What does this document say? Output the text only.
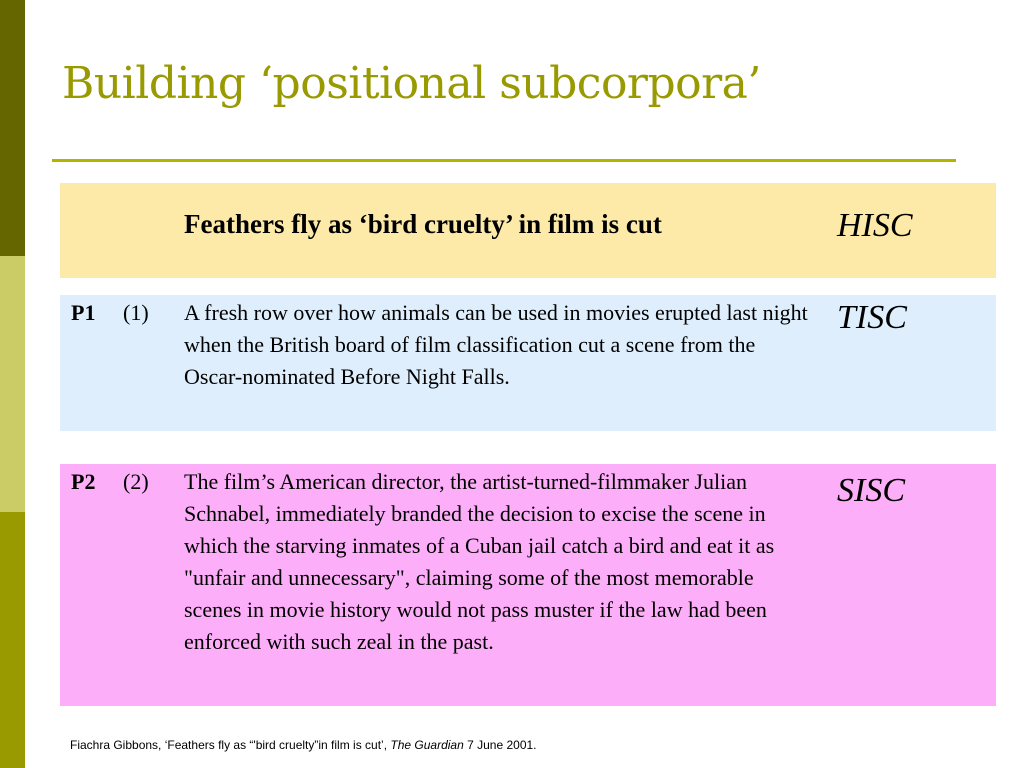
Building ‘positional subcorpora’
Feathers fly as ‘bird cruelty’ in film is cut	HISC
P1 (1) A fresh row over how animals can be used in movies erupted last night when the British board of film classification cut a scene from the Oscar-nominated Before Night Falls.
TISC
P2 (2) The film’s American director, the artist-turned-filmmaker Julian Schnabel, immediately branded the decision to excise the scene in which the starving inmates of a Cuban jail catch a bird and eat it as "unfair and unnecessary", claiming some of the most memorable scenes in movie history would not pass muster if the law had been enforced with such zeal in the past.
SISC
Fiachra Gibbons, ‘Feathers fly as “'bird cruelty”in film is cut’, The Guardian 7 June 2001.
